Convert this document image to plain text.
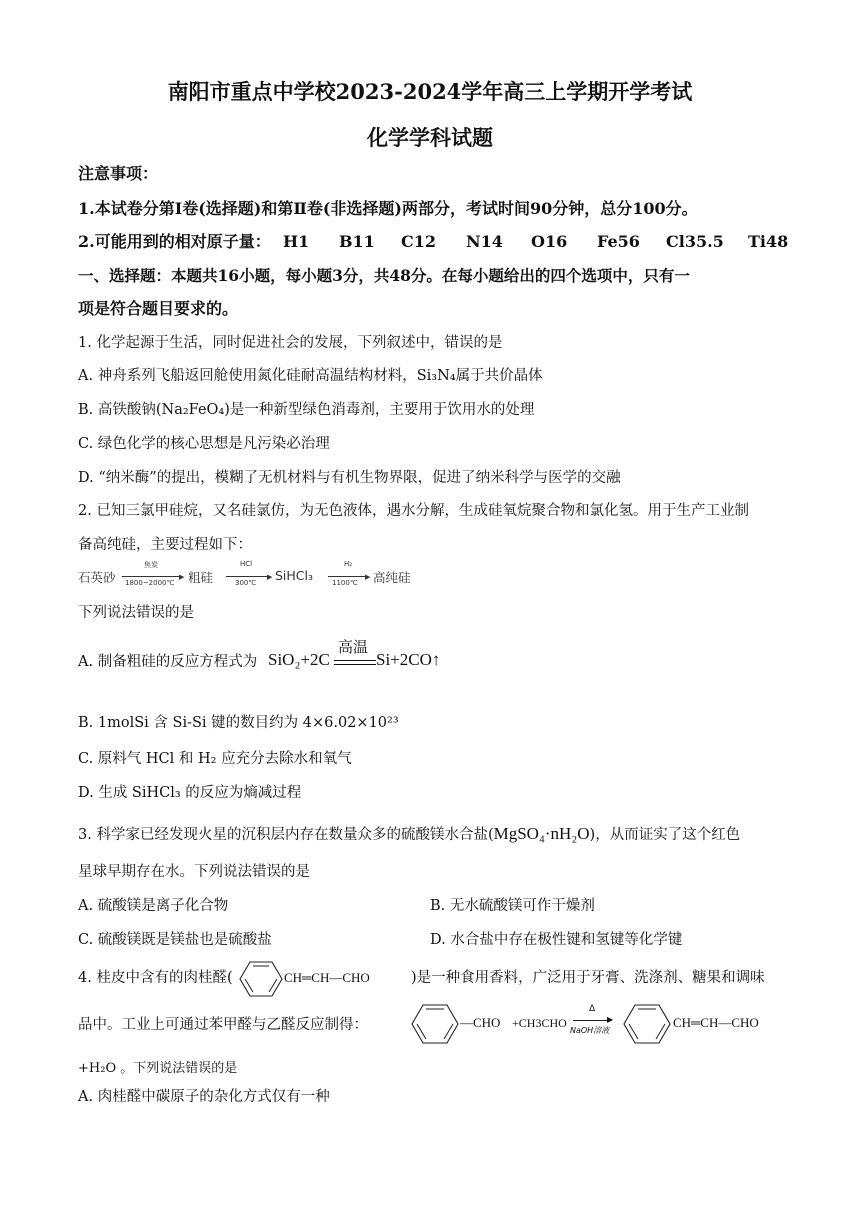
南阳市重点中学校2023-2024学年高三上学期开学考试
化学学科试题
注意事项：
1.本试卷分第Ⅰ卷(选择题)和第Ⅱ卷(非选择题)两部分，考试时间90分钟，总分100分。
2.可能用到的相对原子量： H1 B11 C12 N14 O16 Fe56 Cl35.5 Ti48
一、选择题：本题共16小题，每小题3分，共48分。在每小题给出的四个选项中，只有一
项是符合题目要求的。
1. 化学起源于生活，同时促进社会的发展，下列叙述中，错误的是
A. 神舟系列飞船返回舱使用氮化硅耐高温结构材料，Si₃N₄属于共价晶体
B. 高铁酸钠(Na₂FeO₄)是一种新型绿色消毒剂，主要用于饮用水的处理
C. 绿色化学的核心思想是凡污染必治理
D. “纳米酶”的提出，模糊了无机材料与有机生物界限，促进了纳米科学与医学的交融
2. 已知三氯甲硅烷，又名硅氯仿，为无色液体，遇水分解，生成硅氧烷聚合物和氯化氢。用于生产工业制
备高纯硅，主要过程如下：
石英砂
焦炭
▶
1800~2000℃ 粗硅
HCl
▶
300℃ SiHCl₃
H₂
▶
1100℃ 高纯硅
下列说法错误的是
A. 制备粗硅的反应方程式为 SiO₂+2C
高温
Si+2CO↑
B. 1molSi 含 Si-Si 键的数目约为 4×6.02×10²³
C. 原料气 HCl 和 H₂ 应充分去除水和氧气
D. 生成 SiHCl₃ 的反应为熵减过程
3. 科学家已经发现火星的沉积层内存在数量众多的硫酸镁水合盐(MgSO₄·nH₂O)，从而证实了这个红色
星球早期存在水。下列说法错误的是
A. 硫酸镁是离子化合物	B. 无水硫酸镁可作干燥剂
C. 硫酸镁既是镁盐也是硫酸盐	D. 水合盐中存在极性键和氢键等化学键
4. 桂皮中含有的肉桂醛(	CH═CH—CHO	)是一种食用香料，广泛用于牙膏、洗涤剂、糖果和调味
品中。工业上可通过苯甲醛与乙醛反应制得：	—CHO +CH3CHO
Δ
▶
NaOH溶液
CH═CH—CHO
+H₂O 。下列说法错误的是
A. 肉桂醛中碳原子的杂化方式仅有一种
